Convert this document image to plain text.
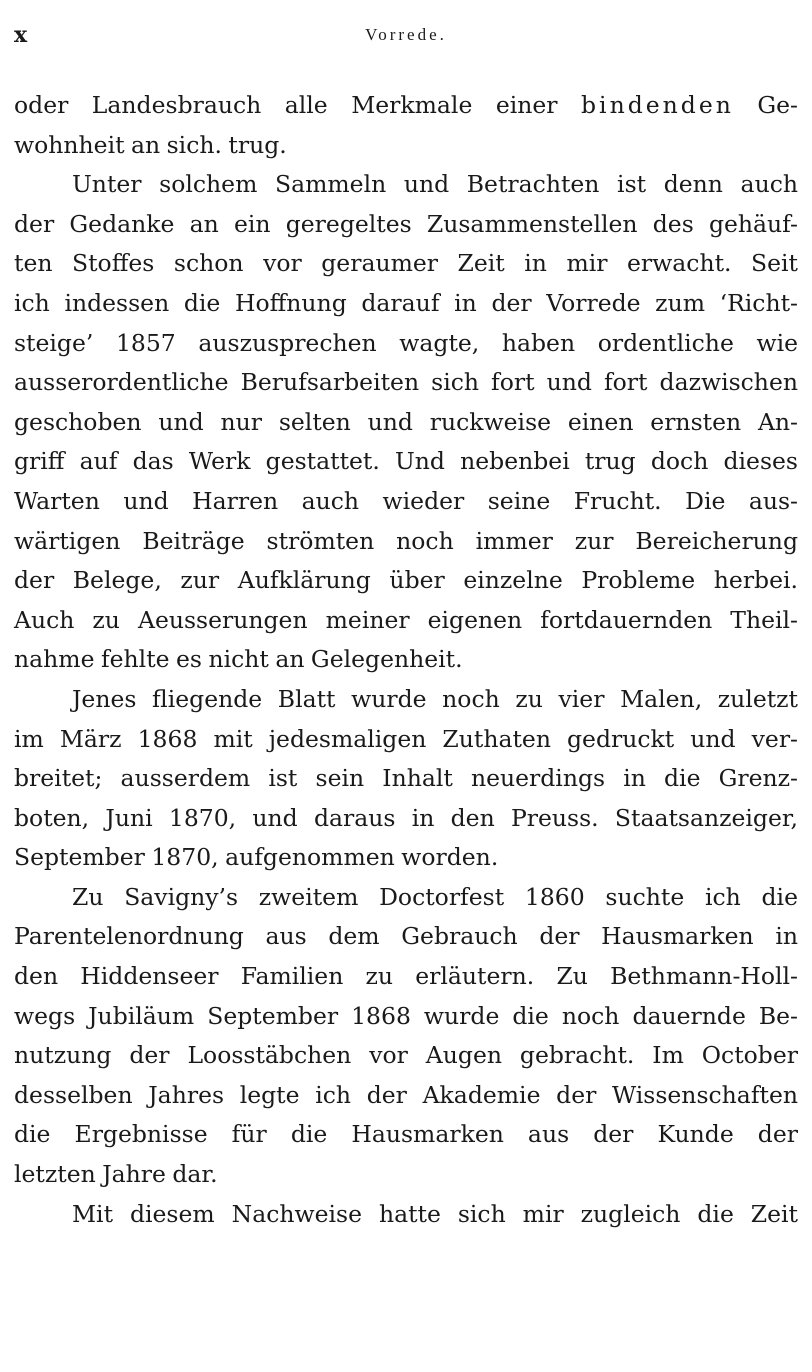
x	Vorrede.
oder Landesbrauch alle Merkmale einer bindenden Ge-
wohnheit an sich. trug.
Unter solchem Sammeln und Betrachten ist denn auch
der Gedanke an ein geregeltes Zusammenstellen des gehäuf-
ten Stoffes schon vor geraumer Zeit in mir erwacht. Seit
ich indessen die Hoffnung darauf in der Vorrede zum ‘Richt-
steige’ 1857 auszusprechen wagte, haben ordentliche wie
ausserordentliche Berufsarbeiten sich fort und fort dazwischen
geschoben und nur selten und ruckweise einen ernsten An-
griff auf das Werk gestattet. Und nebenbei trug doch dieses
Warten und Harren auch wieder seine Frucht. Die aus-
wärtigen Beiträge strömten noch immer zur Bereicherung
der Belege, zur Aufklärung über einzelne Probleme herbei.
Auch zu Aeusserungen meiner eigenen fortdauernden Theil-
nahme fehlte es nicht an Gelegenheit.
Jenes fliegende Blatt wurde noch zu vier Malen, zuletzt
im März 1868 mit jedesmaligen Zuthaten gedruckt und ver-
breitet; ausserdem ist sein Inhalt neuerdings in die Grenz-
boten, Juni 1870, und daraus in den Preuss. Staatsanzeiger,
September 1870, aufgenommen worden.
Zu Savigny’s zweitem Doctorfest 1860 suchte ich die
Parentelenordnung aus dem Gebrauch der Hausmarken in
den Hiddenseer Familien zu erläutern. Zu Bethmann-Holl-
wegs Jubiläum September 1868 wurde die noch dauernde Be-
nutzung der Loosstäbchen vor Augen gebracht. Im October
desselben Jahres legte ich der Akademie der Wissenschaften
die Ergebnisse für die Hausmarken aus der Kunde der
letzten Jahre dar.
Mit diesem Nachweise hatte sich mir zugleich die Zeit
